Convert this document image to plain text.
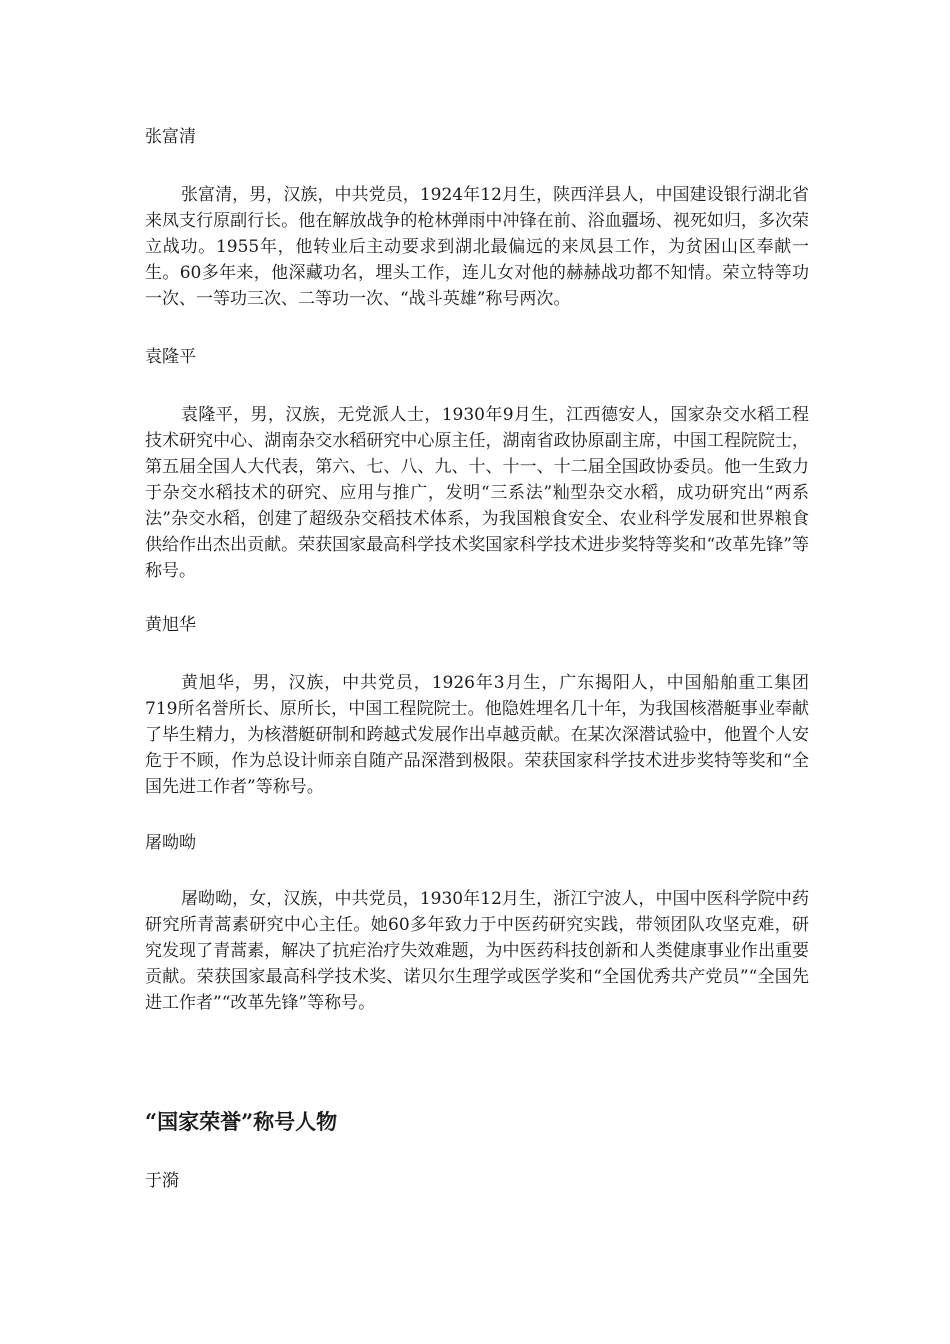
张富清

张富清，男，汉族，中共党员，1924年12月生，陕西洋县人，中国建设银行湖北省来凤支行原副行长。他在解放战争的枪林弹雨中冲锋在前、浴血疆场、视死如归，多次荣立战功。1955年，他转业后主动要求到湖北最偏远的来凤县工作，为贫困山区奉献一生。60多年来，他深藏功名，埋头工作，连儿女对他的赫赫战功都不知情。荣立特等功一次、一等功三次、二等功一次、“战斗英雄”称号两次。

袁隆平

袁隆平，男，汉族，无党派人士，1930年9月生，江西德安人，国家杂交水稻工程技术研究中心、湖南杂交水稻研究中心原主任，湖南省政协原副主席，中国工程院院士，第五届全国人大代表，第六、七、八、九、十、十一、十二届全国政协委员。他一生致力于杂交水稻技术的研究、应用与推广，发明“三系法”籼型杂交水稻，成功研究出“两系法”杂交水稻，创建了超级杂交稻技术体系，为我国粮食安全、农业科学发展和世界粮食供给作出杰出贡献。荣获国家最高科学技术奖国家科学技术进步奖特等奖和“改革先锋”等称号。

黄旭华

黄旭华，男，汉族，中共党员，1926年3月生，广东揭阳人，中国船舶重工集团719所名誉所长、原所长，中国工程院院士。他隐姓埋名几十年，为我国核潜艇事业奉献了毕生精力，为核潜艇研制和跨越式发展作出卓越贡献。在某次深潜试验中，他置个人安危于不顾，作为总设计师亲自随产品深潜到极限。荣获国家科学技术进步奖特等奖和“全国先进工作者”等称号。

屠呦呦

屠呦呦，女，汉族，中共党员，1930年12月生，浙江宁波人，中国中医科学院中药研究所青蒿素研究中心主任。她60多年致力于中医药研究实践，带领团队攻坚克难，研究发现了青蒿素，解决了抗疟治疗失效难题，为中医药科技创新和人类健康事业作出重要贡献。荣获国家最高科学技术奖、诺贝尔生理学或医学奖和“全国优秀共产党员”“全国先进工作者”“改革先锋”等称号。

“国家荣誉”称号人物

于漪
